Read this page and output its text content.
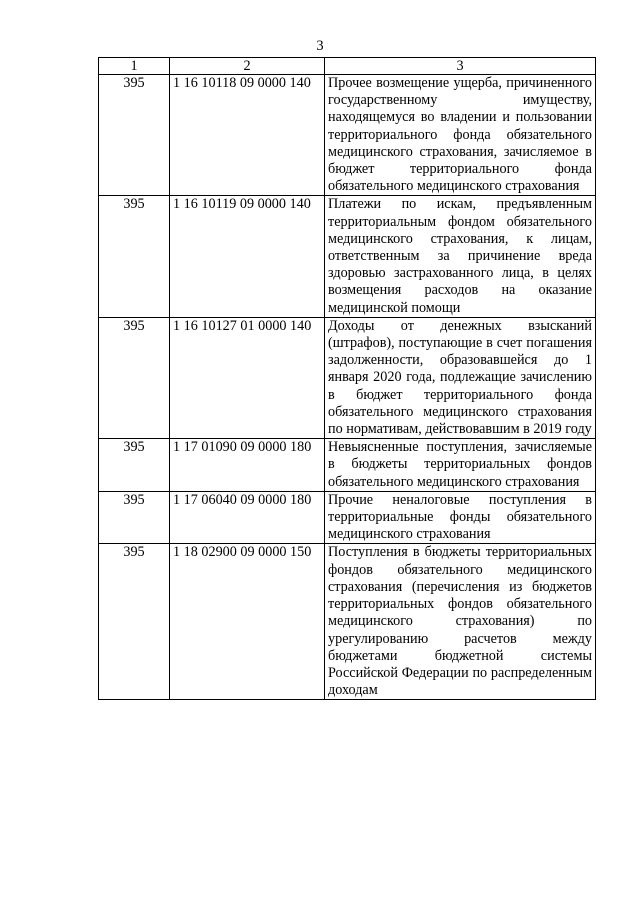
3
1	2	3
395	1 16 10118 09 0000 140	Прочее возмещение ущерба, причиненного государственному имуществу, находящемуся во владении и пользовании территориального фонда обязательного медицинского страхования, зачисляемое в бюджет территориального фонда обязательного медицинского страхования
395	1 16 10119 09 0000 140	Платежи по искам, предъявленным территориальным фондом обязательного медицинского страхования, к лицам, ответственным за причинение вреда здоровью застрахованного лица, в целях возмещения расходов на оказание медицинской помощи
395	1 16 10127 01 0000 140	Доходы от денежных взысканий (штрафов), поступающие в счет погашения задолженности, образовавшейся до 1 января 2020 года, подлежащие зачислению в бюджет территориального фонда обязательного медицинского страхования по нормативам, действовавшим в 2019 году
395	1 17 01090 09 0000 180	Невыясненные поступления, зачисляемые в бюджеты территориальных фондов обязательного медицинского страхования
395	1 17 06040 09 0000 180	Прочие неналоговые поступления в территориальные фонды обязательного медицинского страхования
395	1 18 02900 09 0000 150	Поступления в бюджеты территориальных фондов обязательного медицинского страхования (перечисления из бюджетов территориальных фондов обязательного медицинского страхования) по урегулированию расчетов между бюджетами бюджетной системы Российской Федерации по распределенным доходам
